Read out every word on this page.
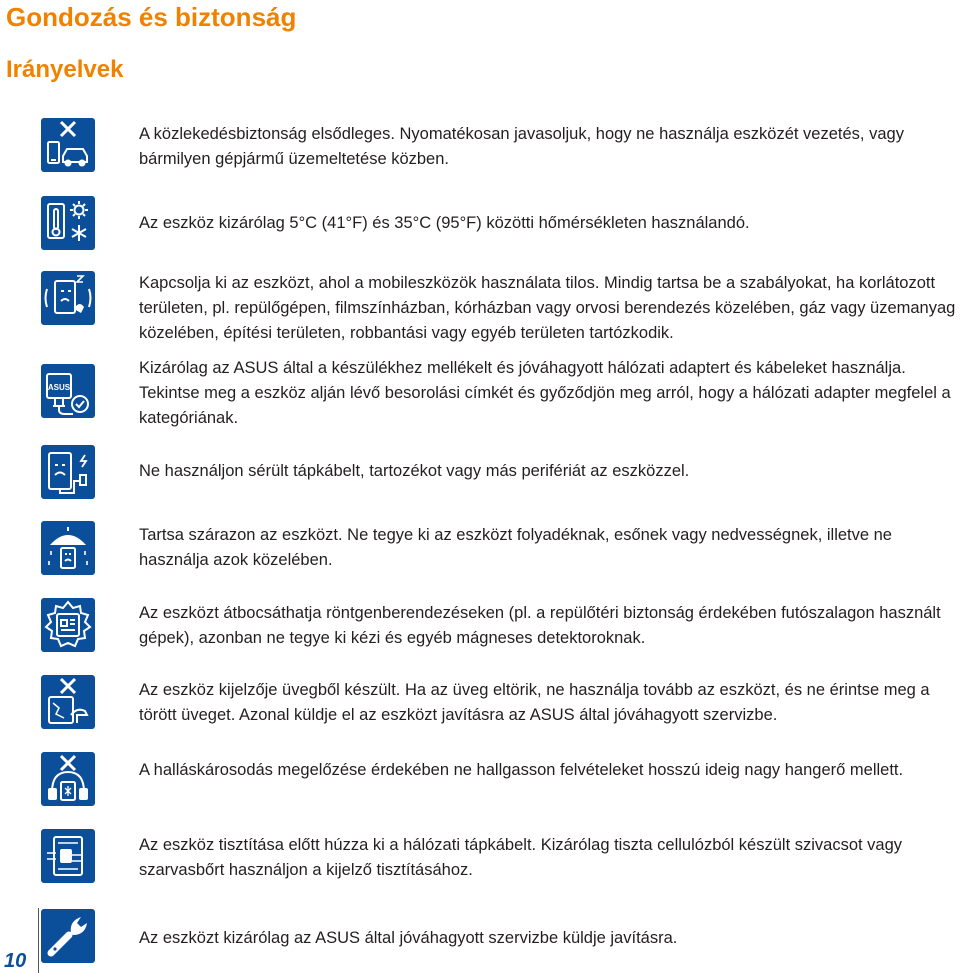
Gondozás és biztonság
Irányelvek

A közlekedésbiztonság elsődleges. Nyomatékosan javasoljuk, hogy ne használja eszközét vezetés, vagy bármilyen gépjármű üzemeltetése közben.

Az eszköz kizárólag 5°C (41°F) és 35°C (95°F) közötti hőmérsékleten használandó.

Kapcsolja ki az eszközt, ahol a mobileszközök használata tilos. Mindig tartsa be a szabályokat, ha korlátozott területen, pl. repülőgépen, filmszínházban, kórházban vagy orvosi berendezés közelében, gáz vagy üzemanyag közelében, építési területen, robbantási vagy egyéb területen tartózkodik.

ASUS

Kizárólag az ASUS által a készülékhez mellékelt és jóváhagyott hálózati adaptert és kábeleket használja. Tekintse meg a eszköz alján lévő besorolási címkét és győződjön meg arról, hogy a hálózati adapter megfelel a kategóriának.

Ne használjon sérült tápkábelt, tartozékot vagy más perifériát az eszközzel.

Tartsa szárazon az eszközt. Ne tegye ki az eszközt folyadéknak, esőnek vagy nedvességnek, illetve ne használja azok közelében.

Az eszközt átbocsáthatja röntgenberendezéseken (pl. a repülőtéri biztonság érdekében futószalagon használt gépek), azonban ne tegye ki kézi és egyéb mágneses detektoroknak.

Az eszköz kijelzője üvegből készült. Ha az üveg eltörik, ne használja tovább az eszközt, és ne érintse meg a törött üveget. Azonal küldje el az eszközt javításra az ASUS által jóváhagyott szervizbe.

A halláskárosodás megelőzése érdekében ne hallgasson felvételeket hosszú ideig nagy hangerő mellett.

Az eszköz tisztítása előtt húzza ki a hálózati tápkábelt. Kizárólag tiszta cellulózból készült szivacsot vagy szarvasbőrt használjon a kijelző tisztításához.

Az eszközt kizárólag az ASUS által jóváhagyott szervizbe küldje javításra.

10
